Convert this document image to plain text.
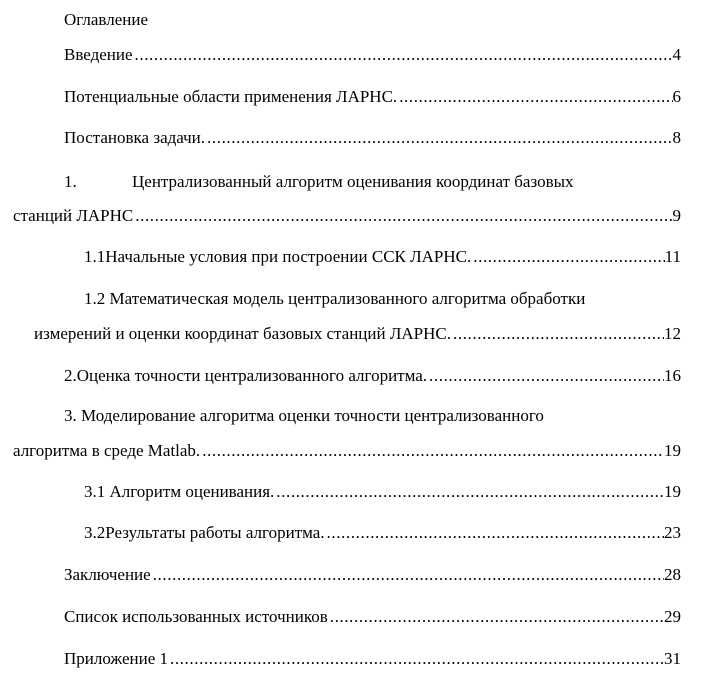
Оглавление
Введение .....	4
Потенциальные области применения ЛАРНС. .....	6
Постановка задачи. .....	8
1.	Централизованный алгоритм оценивания координат базовых
станций ЛАРНС .....	9
1.1 Начальные условия при построении ССК ЛАРНС. .....	11
1.2 Математическая модель централизованного алгоритма обработки
измерений и оценки координат базовых станций ЛАРНС. .....	12
2. Оценка точности централизованного алгоритма. .....	16
3. Моделирование алгоритма оценки точности централизованного
алгоритма в среде Matlab. .....	19
3.1 Алгоритм оценивания. .....	19
3.2 Результаты работы алгоритма. .....	23
Заключение .....	28
Список использованных источников .....	29
Приложение 1 .....	31
